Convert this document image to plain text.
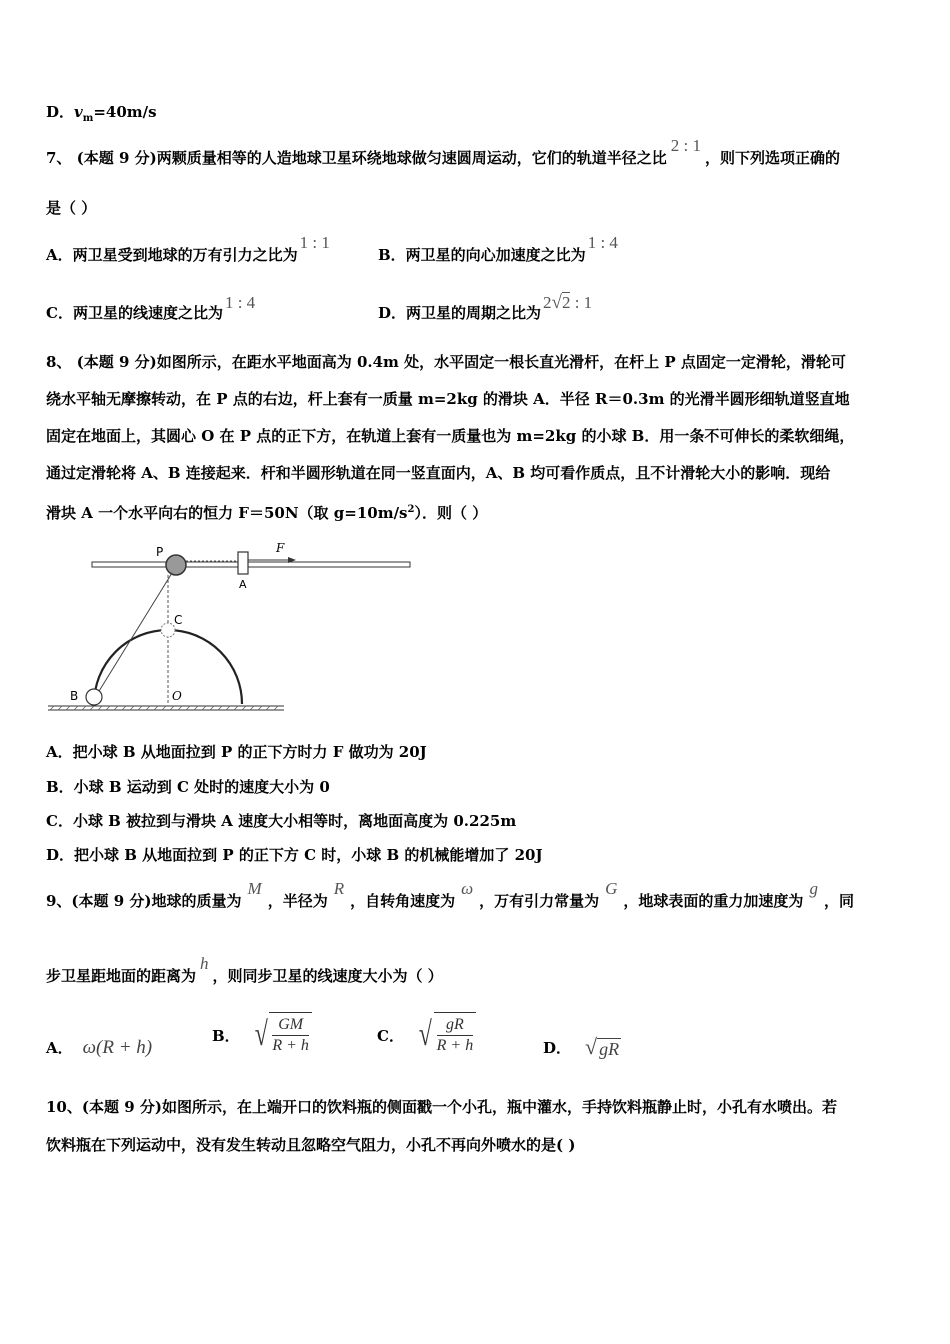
D．$v_m=40m/s$
7、 (本题 9 分)两颗质量相等的人造地球卫星环绕地球做匀速圆周运动，它们的轨道半径之比2 : 1，则下列选项正确的
是（ ）
A．两卫星受到地球的万有引力之比为1 : 1
B．两卫星的向心加速度之比为1 : 4
C．两卫星的线速度之比为1 : 4
D．两卫星的周期之比为2√2 : 1
8、 (本题 9 分)如图所示，在距水平地面高为 0.4m 处，水平固定一根长直光滑杆，在杆上 P 点固定一定滑轮，滑轮可
绕水平轴无摩擦转动，在 P 点的右边，杆上套有一质量 m=2kg 的滑块 A．半径 R＝0.3m 的光滑半圆形细轨道竖直地
固定在地面上，其圆心 O 在 P 点的正下方，在轨道上套有一质量也为 m=2kg 的小球 B．用一条不可伸长的柔软细绳，
通过定滑轮将 A、B 连接起来．杆和半圆形轨道在同一竖直面内，A、B 均可看作质点，且不计滑轮大小的影响．现给
滑块 A 一个水平向右的恒力 F＝50N（取 $g=10m/s^2$）．则（ ）
P
A
F
C
B	O
A．把小球 B 从地面拉到 P 的正下方时力 F 做功为 20J
B．小球 B 运动到 C 处时的速度大小为 0
C．小球 B 被拉到与滑块 A 速度大小相等时，离地面高度为 0.225m
D．把小球 B 从地面拉到 P 的正下方 C 时，小球 B 的机械能增加了 20J
9、(本题 9 分)地球的质量为M，半径为R，自转角速度为ω，万有引力常量为G，地球表面的重力加速度为g，同
步卫星距地面的距离为h，则同步卫星的线速度大小为（ ）
A． ω(R + h)
B． √ $\frac{GM}{R + h}$	C． √ $\frac{gR}{R + h}$	D． √ gR
10、(本题 9 分)如图所示，在上端开口的饮料瓶的侧面戳一个小孔，瓶中灌水，手持饮料瓶静止时，小孔有水喷出。若
饮料瓶在下列运动中，没有发生转动且忽略空气阻力，小孔不再向外喷水的是( )
